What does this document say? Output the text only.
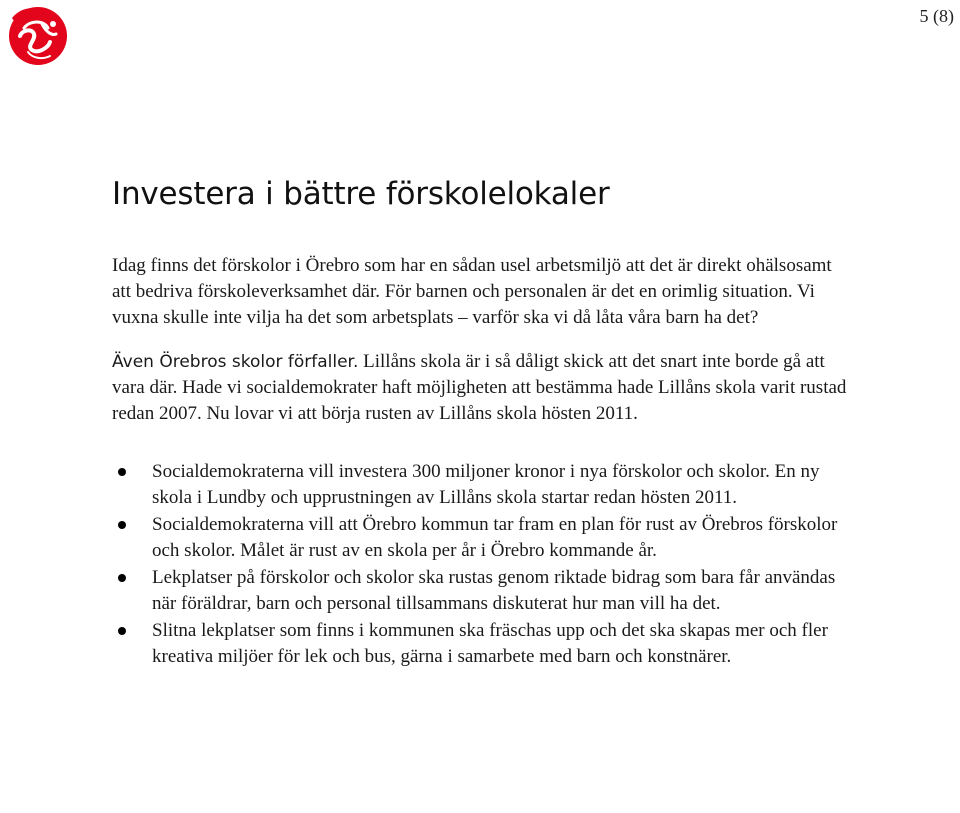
5 (8)
Investera i bättre förskolelokaler

Idag finns det förskolor i Örebro som har en sådan usel arbetsmiljö att det är direkt ohälsosamt att bedriva förskoleverksamhet där. För barnen och personalen är det en orimlig situation. Vi vuxna skulle inte vilja ha det som arbetsplats – varför ska vi då låta våra barn ha det?

Även Örebros skolor förfaller. Lillåns skola är i så dåligt skick att det snart inte borde gå att vara där. Hade vi socialdemokrater haft möjligheten att bestämma hade Lillåns skola varit rustad redan 2007. Nu lovar vi att börja rusten av Lillåns skola hösten 2011.

Socialdemokraterna vill investera 300 miljoner kronor i nya förskolor och skolor. En ny skola i Lundby och upprustningen av Lillåns skola startar redan hösten 2011.
Socialdemokraterna vill att Örebro kommun tar fram en plan för rust av Örebros förskolor och skolor. Målet är rust av en skola per år i Örebro kommande år.
Lekplatser på förskolor och skolor ska rustas genom riktade bidrag som bara får användas när föräldrar, barn och personal tillsammans diskuterat hur man vill ha det.
Slitna lekplatser som finns i kommunen ska fräschas upp och det ska skapas mer och fler kreativa miljöer för lek och bus, gärna i samarbete med barn och konstnärer.
